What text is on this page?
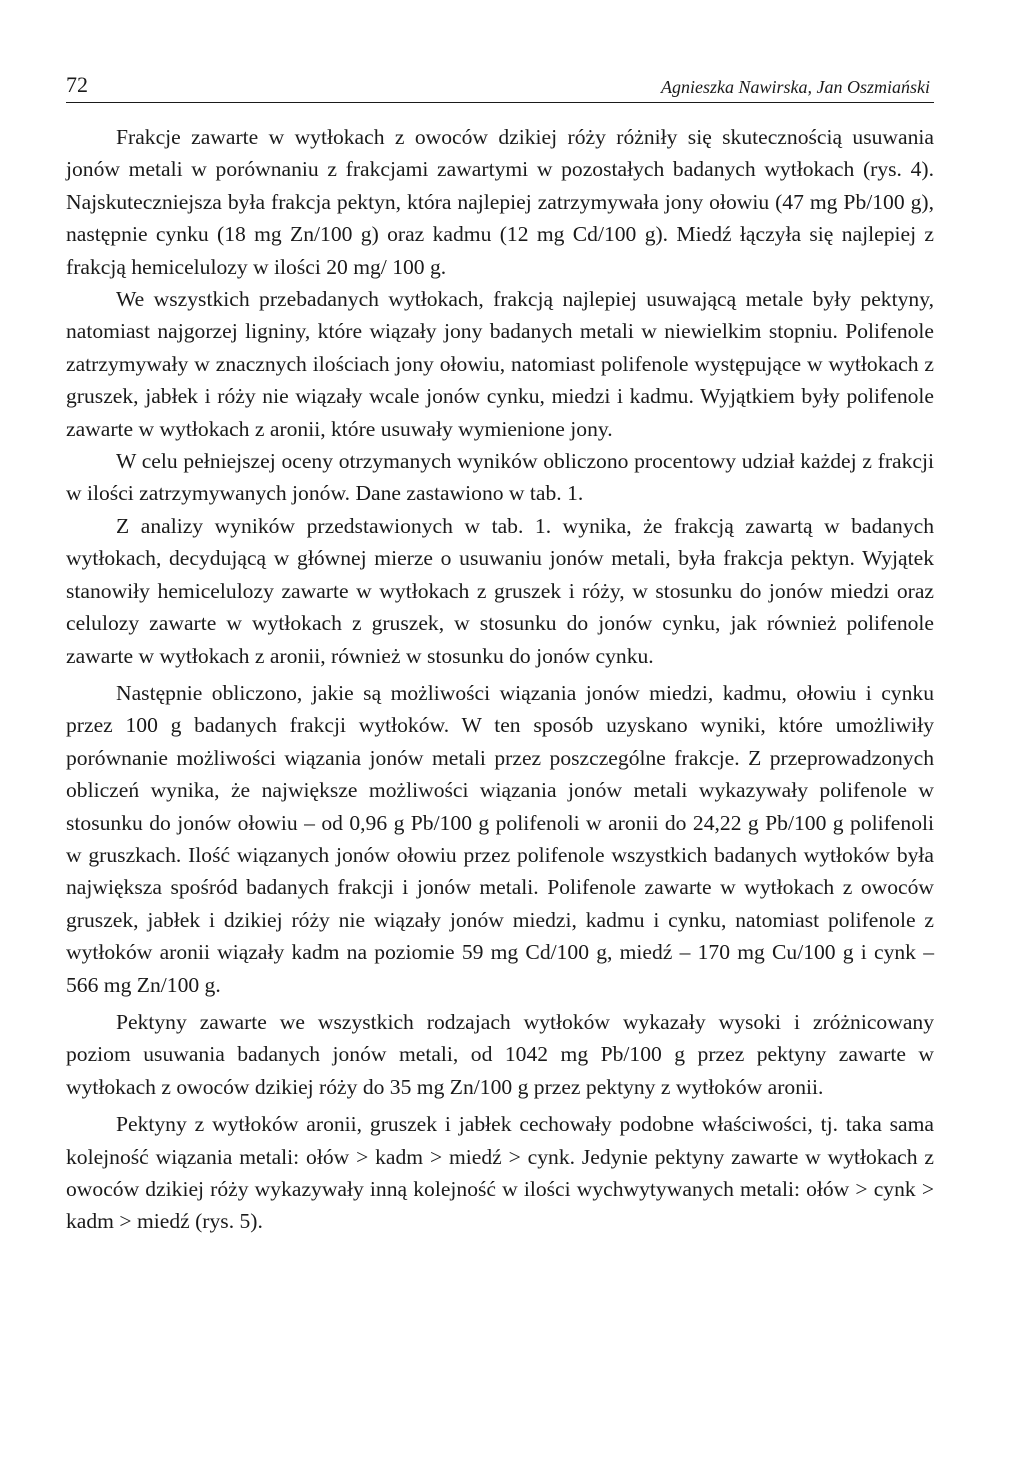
72	Agnieszka Nawirska, Jan Oszmiański

Frakcje zawarte w wytłokach z owoców dzikiej róży różniły się skutecznością usuwania jonów metali w porównaniu z frakcjami zawartymi w pozostałych badanych wytłokach (rys. 4). Najskuteczniejsza była frakcja pektyn, która najlepiej zatrzymywała jony ołowiu (47 mg Pb/100 g), następnie cynku (18 mg Zn/100 g) oraz kadmu (12 mg Cd/100 g). Miedź łączyła się najlepiej z frakcją hemicelulozy w ilości 20 mg/ 100 g.

We wszystkich przebadanych wytłokach, frakcją najlepiej usuwającą metale były pektyny, natomiast najgorzej ligniny, które wiązały jony badanych metali w niewielkim stopniu. Polifenole zatrzymywały w znacznych ilościach jony ołowiu, natomiast polifenole występujące w wytłokach z gruszek, jabłek i róży nie wiązały wcale jonów cynku, miedzi i kadmu. Wyjątkiem były polifenole zawarte w wytłokach z aronii, które usuwały wymienione jony.

W celu pełniejszej oceny otrzymanych wyników obliczono procentowy udział każdej z frakcji w ilości zatrzymywanych jonów. Dane zastawiono w tab. 1.

Z analizy wyników przedstawionych w tab. 1. wynika, że frakcją zawartą w badanych wytłokach, decydującą w głównej mierze o usuwaniu jonów metali, była frakcja pektyn. Wyjątek stanowiły hemicelulozy zawarte w wytłokach z gruszek i róży, w stosunku do jonów miedzi oraz celulozy zawarte w wytłokach z gruszek, w stosunku do jonów cynku, jak również polifenole zawarte w wytłokach z aronii, również w stosunku do jonów cynku.

Następnie obliczono, jakie są możliwości wiązania jonów miedzi, kadmu, ołowiu i cynku przez 100 g badanych frakcji wytłoków. W ten sposób uzyskano wyniki, które umożliwiły porównanie możliwości wiązania jonów metali przez poszczególne frakcje. Z przeprowadzonych obliczeń wynika, że największe możliwości wiązania jonów metali wykazywały polifenole w stosunku do jonów ołowiu – od 0,96 g Pb/100 g polifenoli w aronii do 24,22 g Pb/100 g polifenoli w gruszkach. Ilość wiązanych jonów ołowiu przez polifenole wszystkich badanych wytłoków była największa spośród badanych frakcji i jonów metali. Polifenole zawarte w wytłokach z owoców gruszek, jabłek i dzikiej róży nie wiązały jonów miedzi, kadmu i cynku, natomiast polifenole z wytłoków aronii wiązały kadm na poziomie 59 mg Cd/100 g, miedź – 170 mg Cu/100 g i cynk – 566 mg Zn/100 g.

Pektyny zawarte we wszystkich rodzajach wytłoków wykazały wysoki i zróżnicowany poziom usuwania badanych jonów metali, od 1042 mg Pb/100 g przez pektyny zawarte w wytłokach z owoców dzikiej róży do 35 mg Zn/100 g przez pektyny z wytłoków aronii.

Pektyny z wytłoków aronii, gruszek i jabłek cechowały podobne właściwości, tj. taka sama kolejność wiązania metali: ołów > kadm > miedź > cynk. Jedynie pektyny zawarte w wytłokach z owoców dzikiej róży wykazywały inną kolejność w ilości wychwytywanych metali: ołów > cynk > kadm > miedź (rys. 5).
